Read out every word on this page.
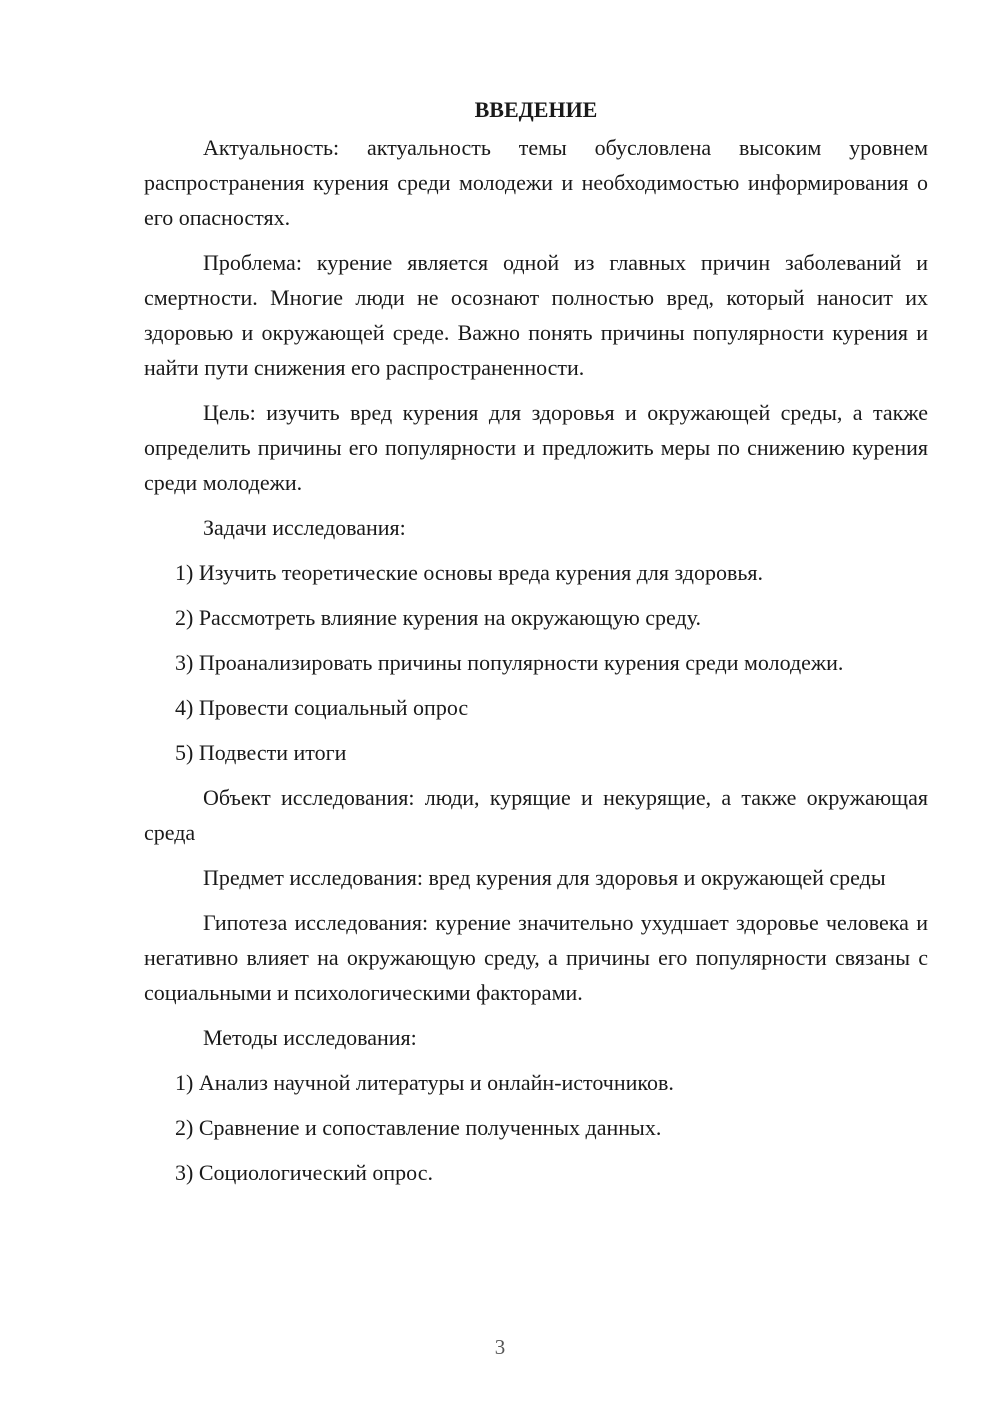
ВВЕДЕНИЕ

Актуальность: актуальность темы обусловлена высоким уровнем распространения курения среди молодежи и необходимостью информирования о его опасностях.

Проблема: курение является одной из главных причин заболеваний и смертности. Многие люди не осознают полностью вред, который наносит их здоровью и окружающей среде. Важно понять причины популярности курения и найти пути снижения его распространенности.

Цель: изучить вред курения для здоровья и окружающей среды, а также определить причины его популярности и предложить меры по снижению курения среди молодежи.

Задачи исследования:

1) Изучить теоретические основы вреда курения для здоровья.

2) Рассмотреть влияние курения на окружающую среду.

3) Проанализировать причины популярности курения среди молодежи.

4) Провести социальный опрос

5) Подвести итоги

Объект исследования: люди, курящие и некурящие, а также окружающая среда

Предмет исследования: вред курения для здоровья и окружающей среды

Гипотеза исследования: курение значительно ухудшает здоровье человека и негативно влияет на окружающую среду, а причины его популярности связаны с социальными и психологическими факторами.

Методы исследования:

1) Анализ научной литературы и онлайн-источников.

2) Сравнение и сопоставление полученных данных.

3) Социологический опрос.

3
